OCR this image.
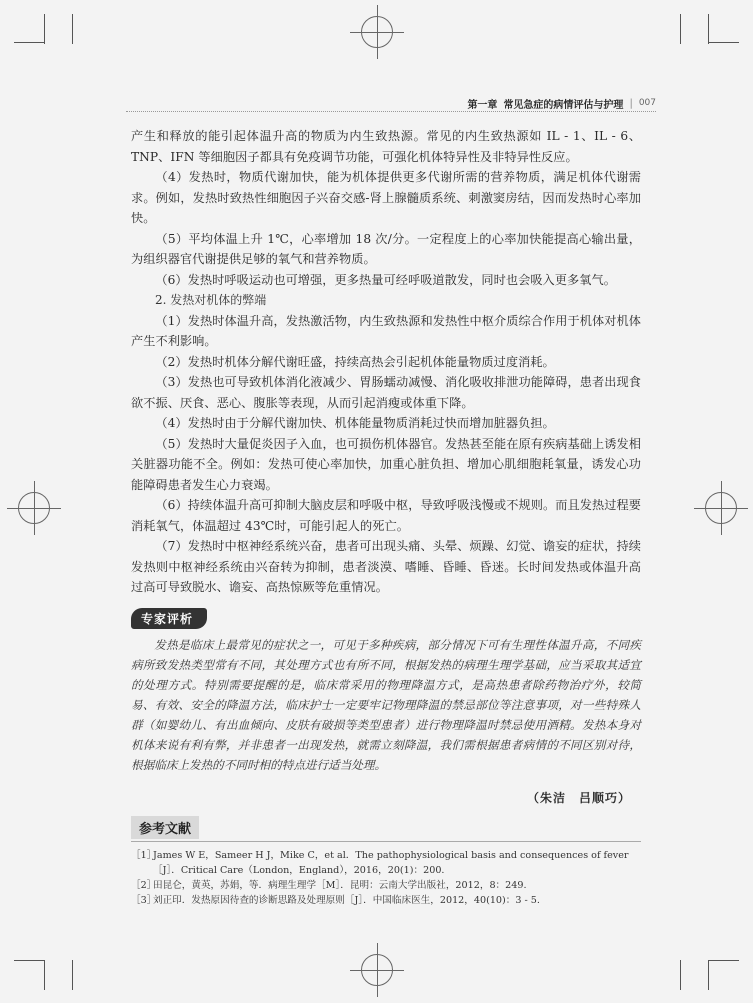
第一章 常见急症的病情评估与护理 | 007

产生和释放的能引起体温升高的物质为内生致热源。常见的内生致热源如 IL - 1、IL - 6、TNP、IFN 等细胞因子都具有免疫调节功能，可强化机体特异性及非特异性反应。

（4）发热时，物质代谢加快，能为机体提供更多代谢所需的营养物质，满足机体代谢需求。例如，发热时致热性细胞因子兴奋交感-肾上腺髓质系统、刺激窦房结，因而发热时心率加快。

（5）平均体温上升 1℃，心率增加 18 次/分。一定程度上的心率加快能提高心输出量，为组织器官代谢提供足够的氧气和营养物质。

（6）发热时呼吸运动也可增强，更多热量可经呼吸道散发，同时也会吸入更多氧气。

2. 发热对机体的弊端

（1）发热时体温升高，发热激活物，内生致热源和发热性中枢介质综合作用于机体对机体产生不利影响。

（2）发热时机体分解代谢旺盛，持续高热会引起机体能量物质过度消耗。

（3）发热也可导致机体消化液减少、胃肠蠕动减慢、消化吸收排泄功能障碍，患者出现食欲不振、厌食、恶心、腹胀等表现，从而引起消瘦或体重下降。

（4）发热时由于分解代谢加快、机体能量物质消耗过快而增加脏器负担。

（5）发热时大量促炎因子入血，也可损伤机体器官。发热甚至能在原有疾病基础上诱发相关脏器功能不全。例如：发热可使心率加快，加重心脏负担、增加心肌细胞耗氧量，诱发心功能障碍患者发生心力衰竭。

（6）持续体温升高可抑制大脑皮层和呼吸中枢，导致呼吸浅慢或不规则。而且发热过程要消耗氧气，体温超过 43℃时，可能引起人的死亡。

（7）发热时中枢神经系统兴奋，患者可出现头痛、头晕、烦躁、幻觉、谵妄的症状，持续发热则中枢神经系统由兴奋转为抑制，患者淡漠、嗜睡、昏睡、昏迷。长时间发热或体温升高过高可导致脱水、谵妄、高热惊厥等危重情况。

专家评析

发热是临床上最常见的症状之一，可见于多种疾病，部分情况下可有生理性体温升高，不同疾病所致发热类型常有不同，其处理方式也有所不同，根据发热的病理生理学基础，应当采取其适宜的处理方式。特别需要提醒的是，临床常采用的物理降温方式，是高热患者除药物治疗外，较简易、有效、安全的降温方法，临床护士一定要牢记物理降温的禁忌部位等注意事项，对一些特殊人群（如婴幼儿、有出血倾向、皮肤有破损等类型患者）进行物理降温时禁忌使用酒精。发热本身对机体来说有利有弊，并非患者一出现发热，就需立刻降温，我们需根据患者病情的不同区别对待，根据临床上发热的不同时相的特点进行适当处理。

（朱洁　吕顺巧）
参考文献
［1］
James W E，Sameer H J，Mike C，et al．The pathophysiological basis and consequences of fever［J］．Critical Care（London，England），2016，20(1)：200.
［2］
田昆仑，黄英，苏娟，等．病理生理学［M］．昆明：云南大学出版社，2012，8：249.
［3］
刘正印．发热原因待查的诊断思路及处理原则［J］．中国临床医生，2012，40(10)：3 - 5.
